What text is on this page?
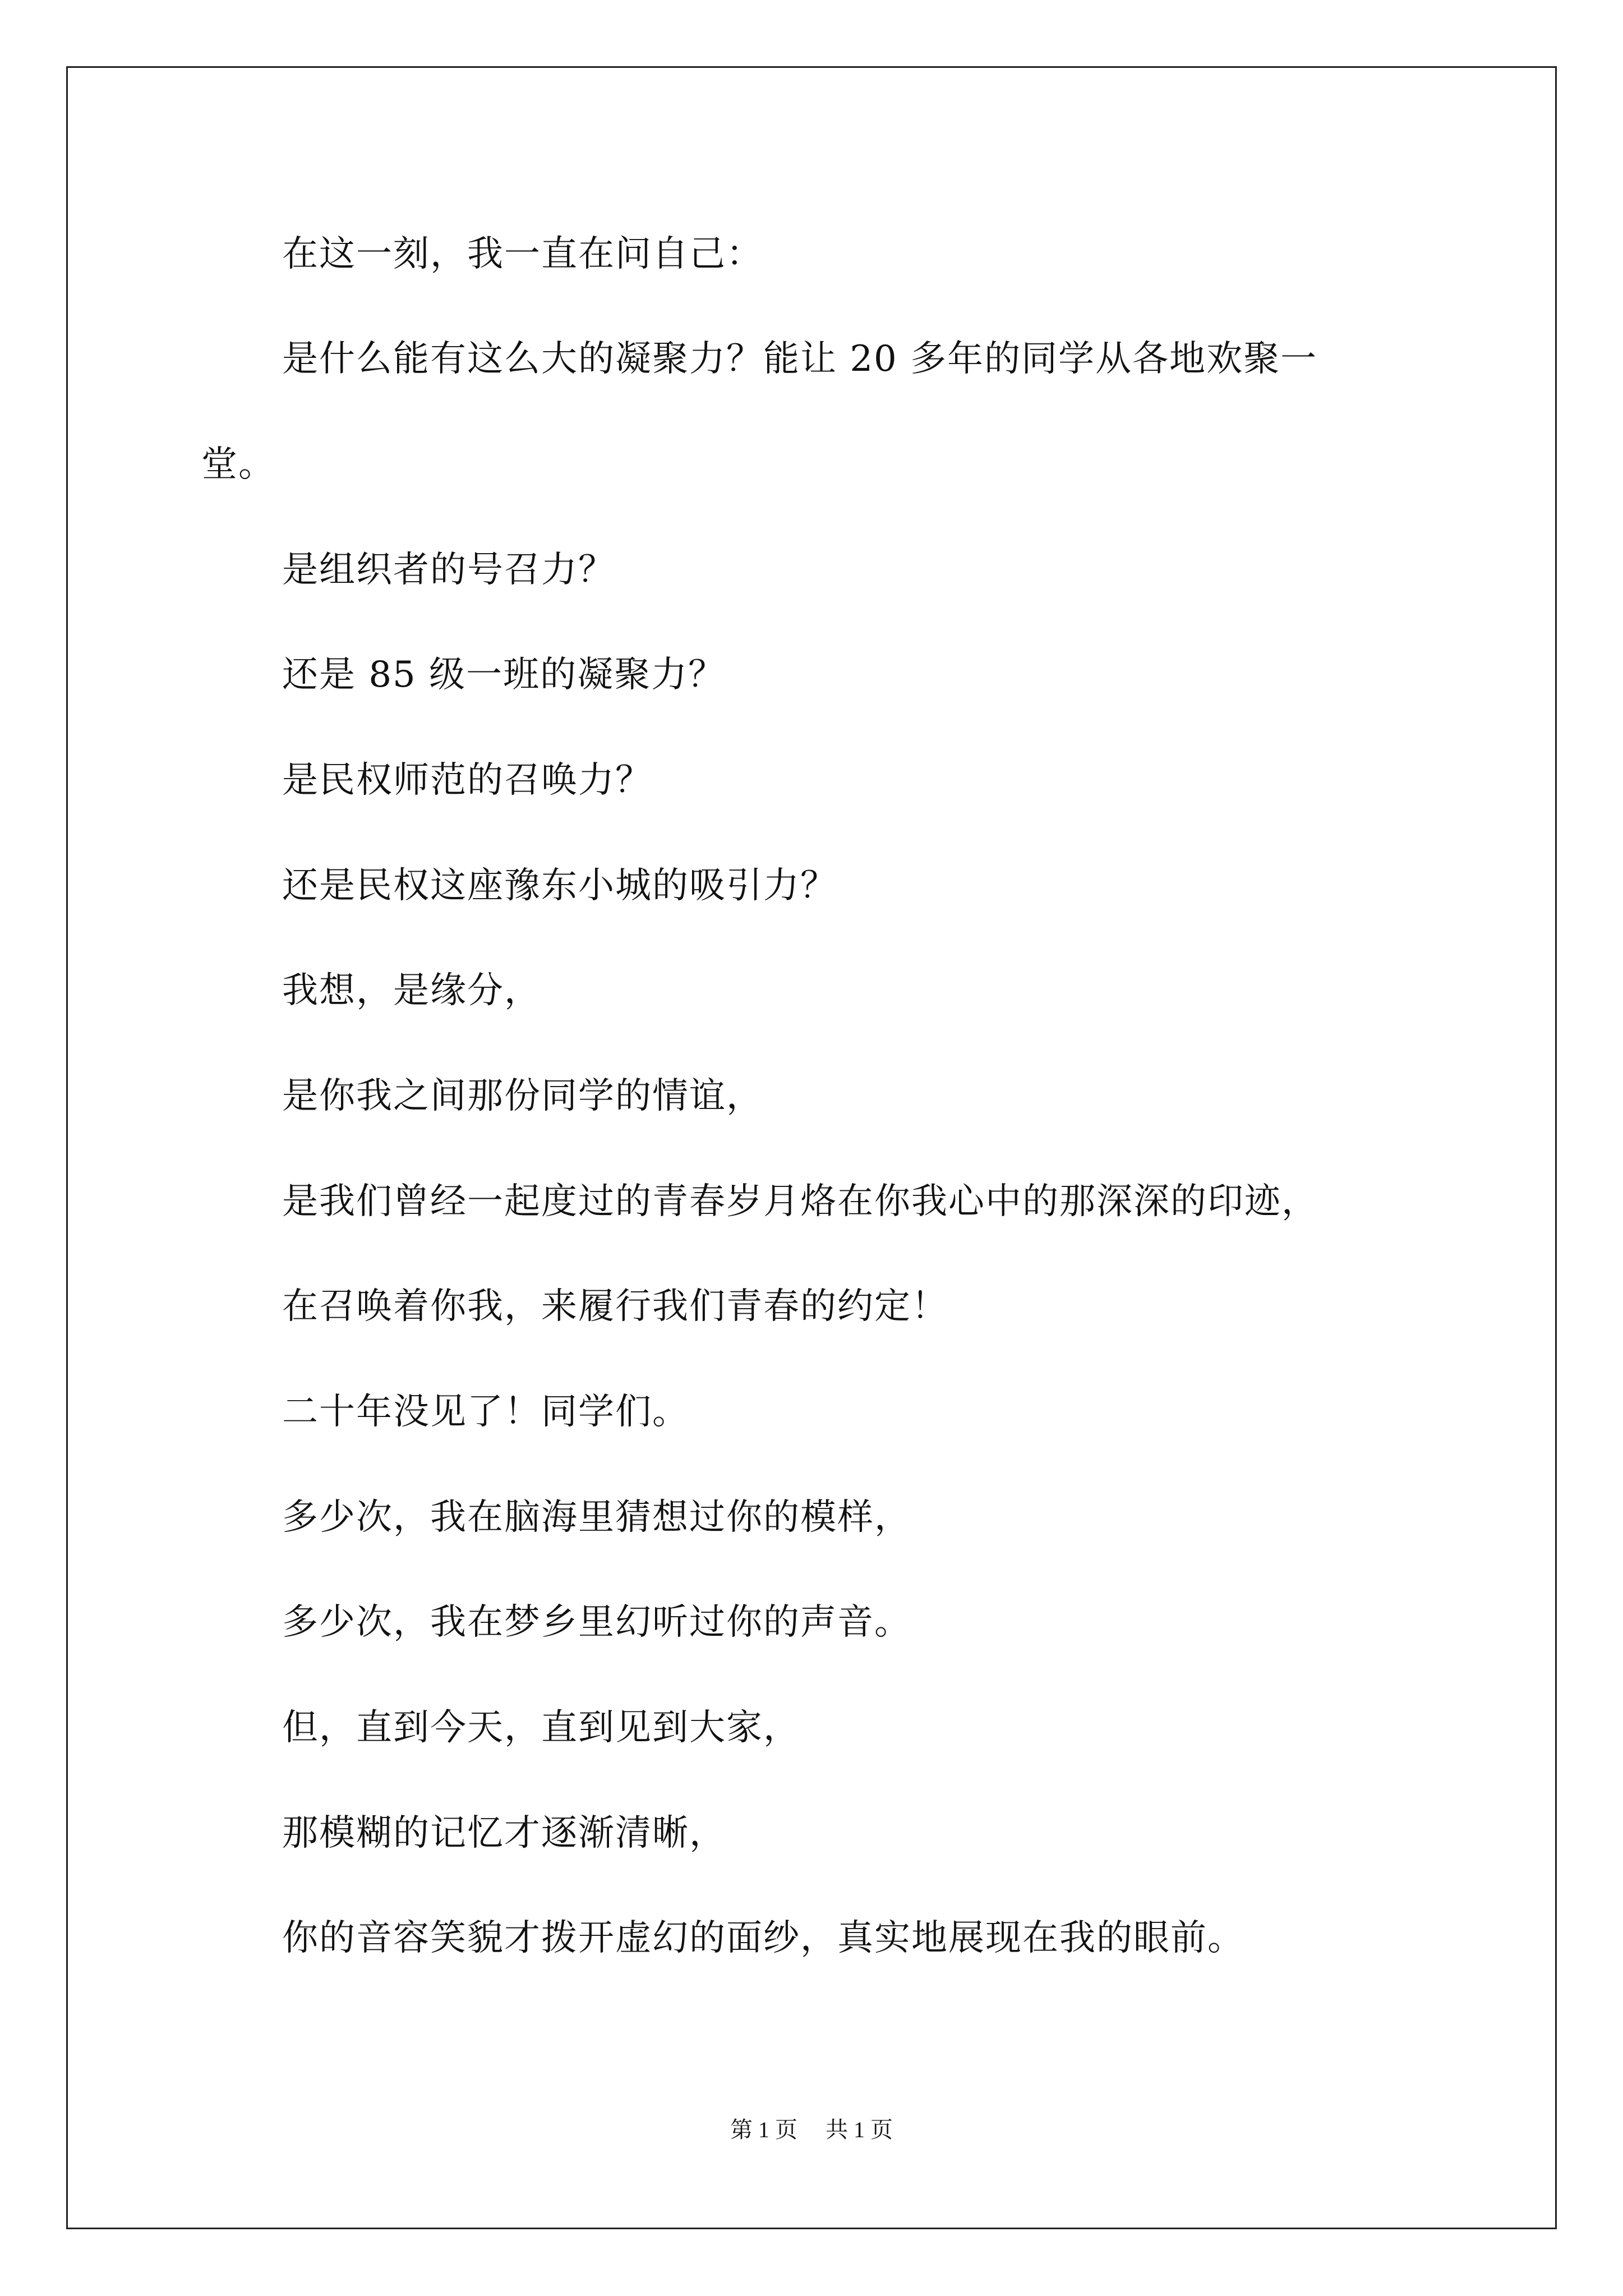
在这一刻，我一直在问自己：
是什么能有这么大的凝聚力？能让 20 多年的同学从各地欢聚一
堂。
是组织者的号召力？
还是 85 级一班的凝聚力？
是民权师范的召唤力？
还是民权这座豫东小城的吸引力？
我想，是缘分，
是你我之间那份同学的情谊，
是我们曾经一起度过的青春岁月烙在你我心中的那深深的印迹，
在召唤着你我，来履行我们青春的约定！
二十年没见了！同学们。
多少次，我在脑海里猜想过你的模样，
多少次，我在梦乡里幻听过你的声音。
但，直到今天，直到见到大家，
那模糊的记忆才逐渐清晰，
你的音容笑貌才拨开虚幻的面纱，真实地展现在我的眼前。
第 1 页 共 1 页
